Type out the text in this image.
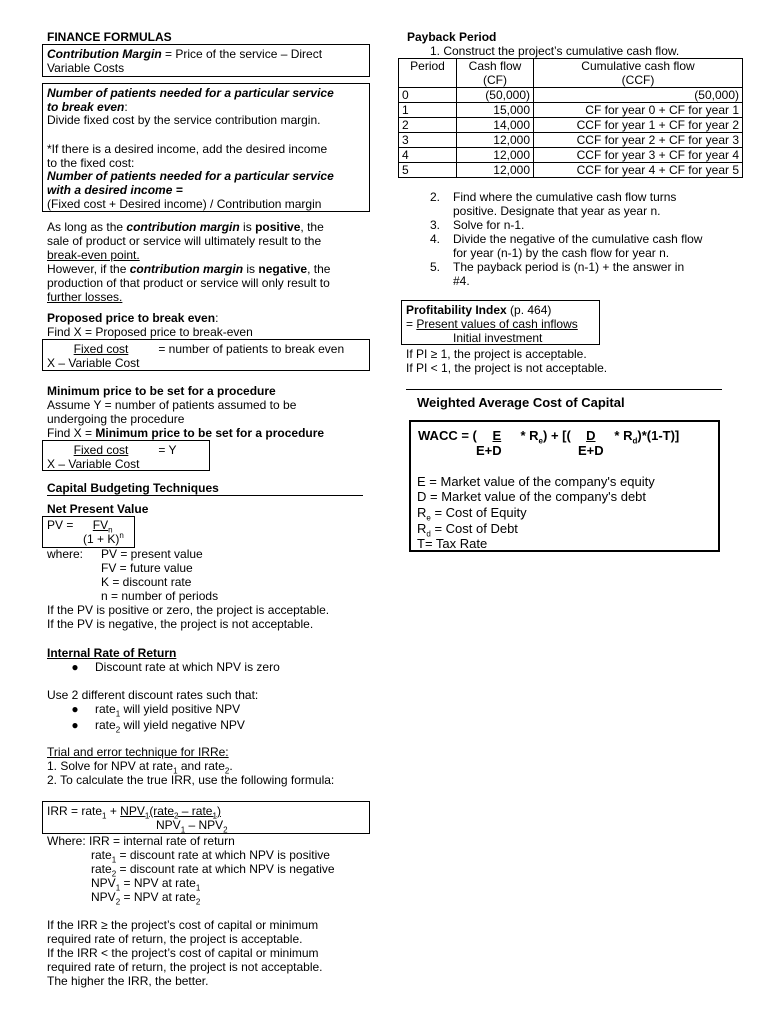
FINANCE FORMULAS
Contribution Margin = Price of the service – Direct
Variable Costs
Number of patients needed for a particular service
to break even:
Divide fixed cost by the service contribution margin.
*If there is a desired income, add the desired income
to the fixed cost:
Number of patients needed for a particular service
with a desired income =
(Fixed cost + Desired income) / Contribution margin
As long as the contribution margin is positive, the
sale of product or service will ultimately result to the
break-even point.
However, if the contribution margin is negative, the
production of that product or service will only result to
further losses.
Proposed price to break even:
Find X = Proposed price to break-even
Fixed cost = number of patients to break even
X – Variable Cost
Minimum price to be set for a procedure
Assume Y = number of patients assumed to be
undergoing the procedure
Find X = Minimum price to be set for a procedure
Fixed cost = Y
X – Variable Cost
Capital Budgeting Techniques
Net Present Value
PV = $FV_n$
$(1 + K)^n$
where: PV = present value
FV = future value
K = discount rate
n = number of periods
If the PV is positive or zero, the project is acceptable.
If the PV is negative, the project is not acceptable.
Internal Rate of Return
● Discount rate at which NPV is zero
Use 2 different discount rates such that:
● rate$_1$ will yield positive NPV
● rate$_2$ will yield negative NPV
Trial and error technique for IRRe:
1. Solve for NPV at rate$_1$ and rate$_2$.
2. To calculate the true IRR, use the following formula:
IRR = rate$_1$ + $NPV_1(rate_2$ – rate$_1$)
$NPV_1 - NPV_2$
Where: IRR = internal rate of return
rate$_1$ = discount rate at which NPV is positive
rate$_2$ = discount rate at which NPV is negative
$NPV_1$ = NPV at rate$_1$
$NPV_2$ = NPV at rate$_2$
If the IRR ≥ the project’s cost of capital or minimum
required rate of return, the project is acceptable.
If the IRR < the project’s cost of capital or minimum
required rate of return, the project is not acceptable.
The higher the IRR, the better.
Payback Period
1. Construct the project’s cumulative cash flow.
Period	Cash flow	Cumulative cash flow
	(CF)	(CCF)
0	(50,000)	(50,000)
1	15,000	CF for year 0 + CF for year 1
2	14,000	CCF for year 1 + CF for year 2
3	12,000	CCF for year 2 + CF for year 3
4	12,000	CCF for year 3 + CF for year 4
5	12,000	CCF for year 4 + CF for year 5
2. Find where the cumulative cash flow turns
positive. Designate that year as year n.
3. Solve for n-1.
4. Divide the negative of the cumulative cash flow
for year (n-1) by the cash flow for year n.
5. The payback period is (n-1) + the answer in
#4.
Profitability Index (p. 464)
= Present values of cash inflows
Initial investment
If PI ≥ 1, the project is acceptable.
If PI < 1, the project is not acceptable.
Weighted Average Cost of Capital
WACC = ( E * $R_e$) + [( D * $R_d)*(1-T)$]
E+D	E+D
E = Market value of the company's equity
D = Market value of the company's debt
$R_e$ = Cost of Equity
$R_d$ = Cost of Debt
T= Tax Rate
